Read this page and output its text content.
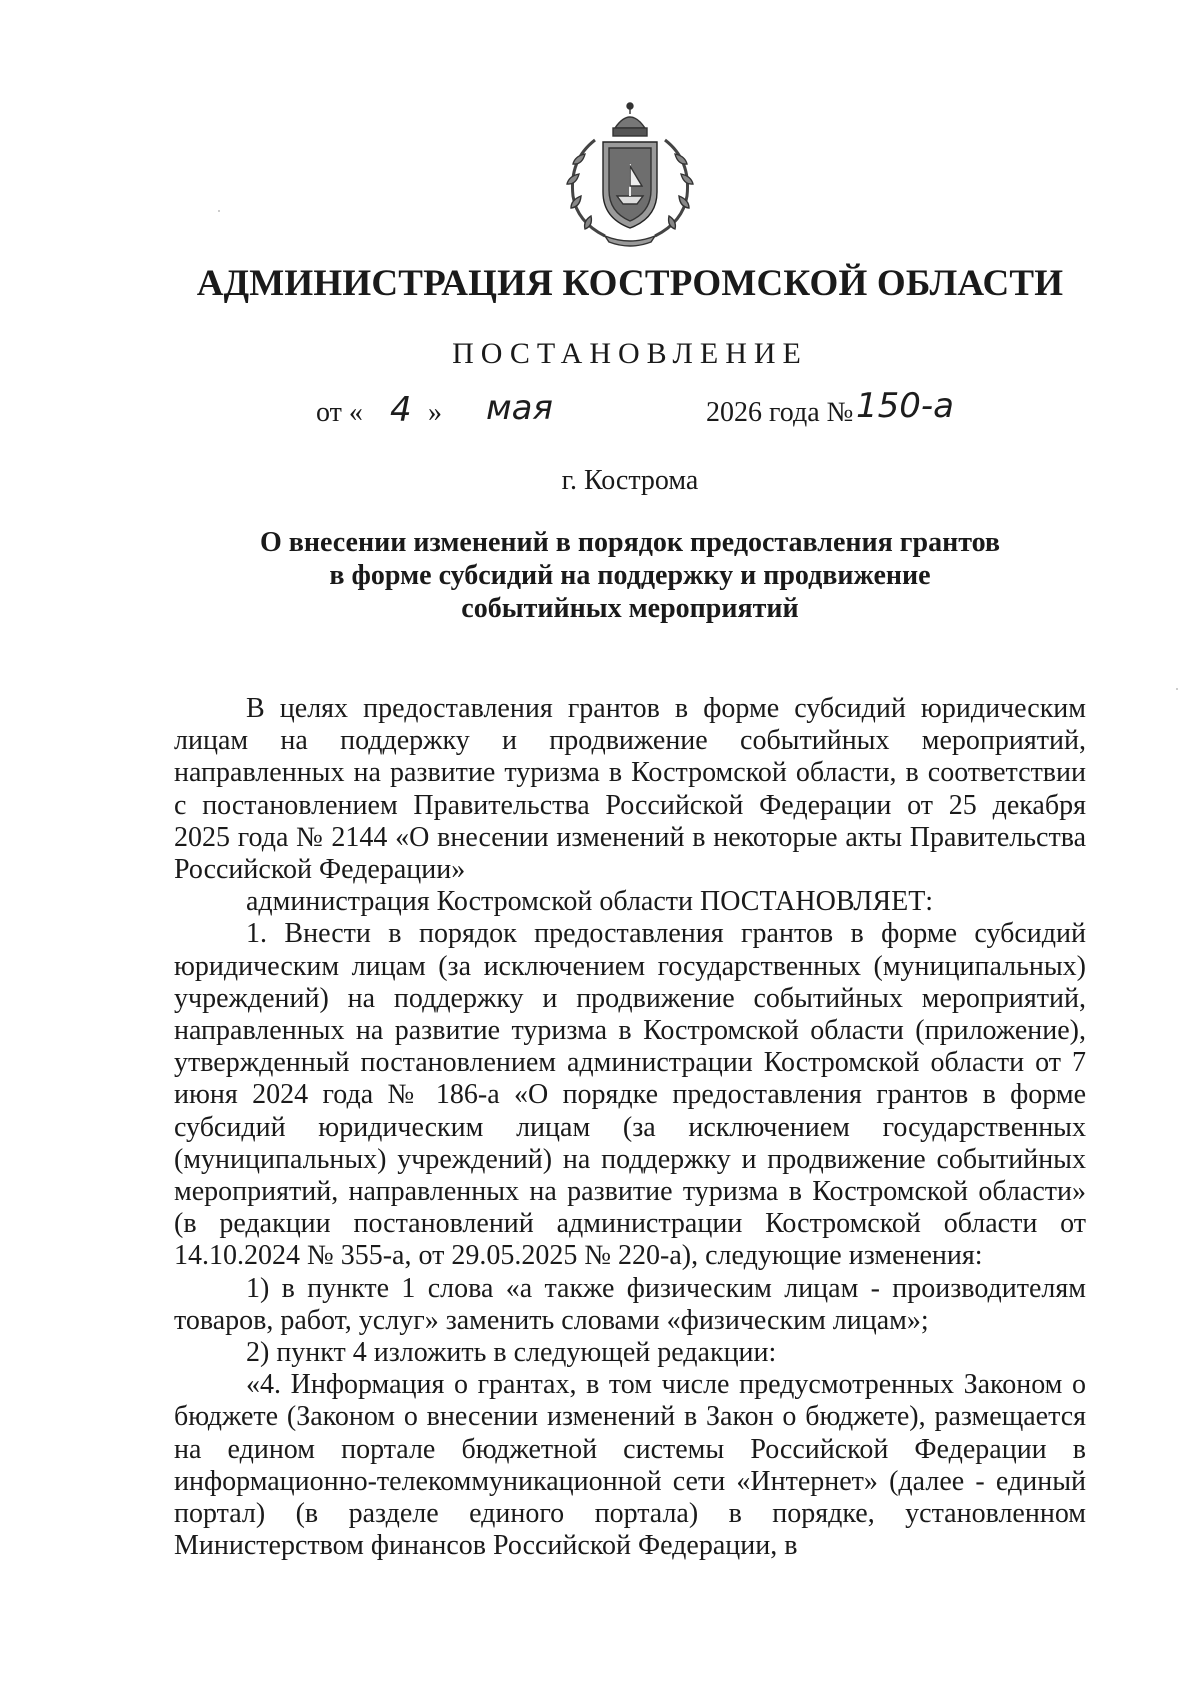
АДМИНИСТРАЦИЯ КОСТРОМСКОЙ ОБЛАСТИ
ПОСТАНОВЛЕНИЕ
от « 4 » мая	2026 года № 150-а
г. Кострома
О внесении изменений в порядок предоставления грантов
в форме субсидий на поддержку и продвижение
событийных мероприятий

В целях предоставления грантов в форме субсидий юридическим лицам на поддержку и продвижение событийных мероприятий, направленных на развитие туризма в Костромской области, в соответствии с постановлением Правительства Российской Федерации от 25 декабря 2025 года № 2144 «О внесении изменений в некоторые акты Правительства Российской Федерации»

администрация Костромской области ПОСТАНОВЛЯЕТ:

1. Внести в порядок предоставления грантов в форме субсидий юридическим лицам (за исключением государственных (муниципальных) учреждений) на поддержку и продвижение событийных мероприятий, направленных на развитие туризма в Костромской области (приложение), утвержденный постановлением администрации Костромской области от 7 июня 2024 года № 186-а «О порядке предоставления грантов в форме субсидий юридическим лицам (за исключением государственных (муниципальных) учреждений) на поддержку и продвижение событийных мероприятий, направленных на развитие туризма в Костромской области» (в редакции постановлений администрации Костромской области от 14.10.2024 № 355-а, от 29.05.2025 № 220-а), следующие изменения:

1) в пункте 1 слова «а также физическим лицам - производителям товаров, работ, услуг» заменить словами «физическим лицам»;

2) пункт 4 изложить в следующей редакции:

«4. Информация о грантах, в том числе предусмотренных Законом о бюджете (Законом о внесении изменений в Закон о бюджете), размещается на едином портале бюджетной системы Российской Федерации в информационно-телекоммуникационной сети «Интернет» (далее - единый портал) (в разделе единого портала) в порядке, установленном Министерством финансов Российской Федерации, в
